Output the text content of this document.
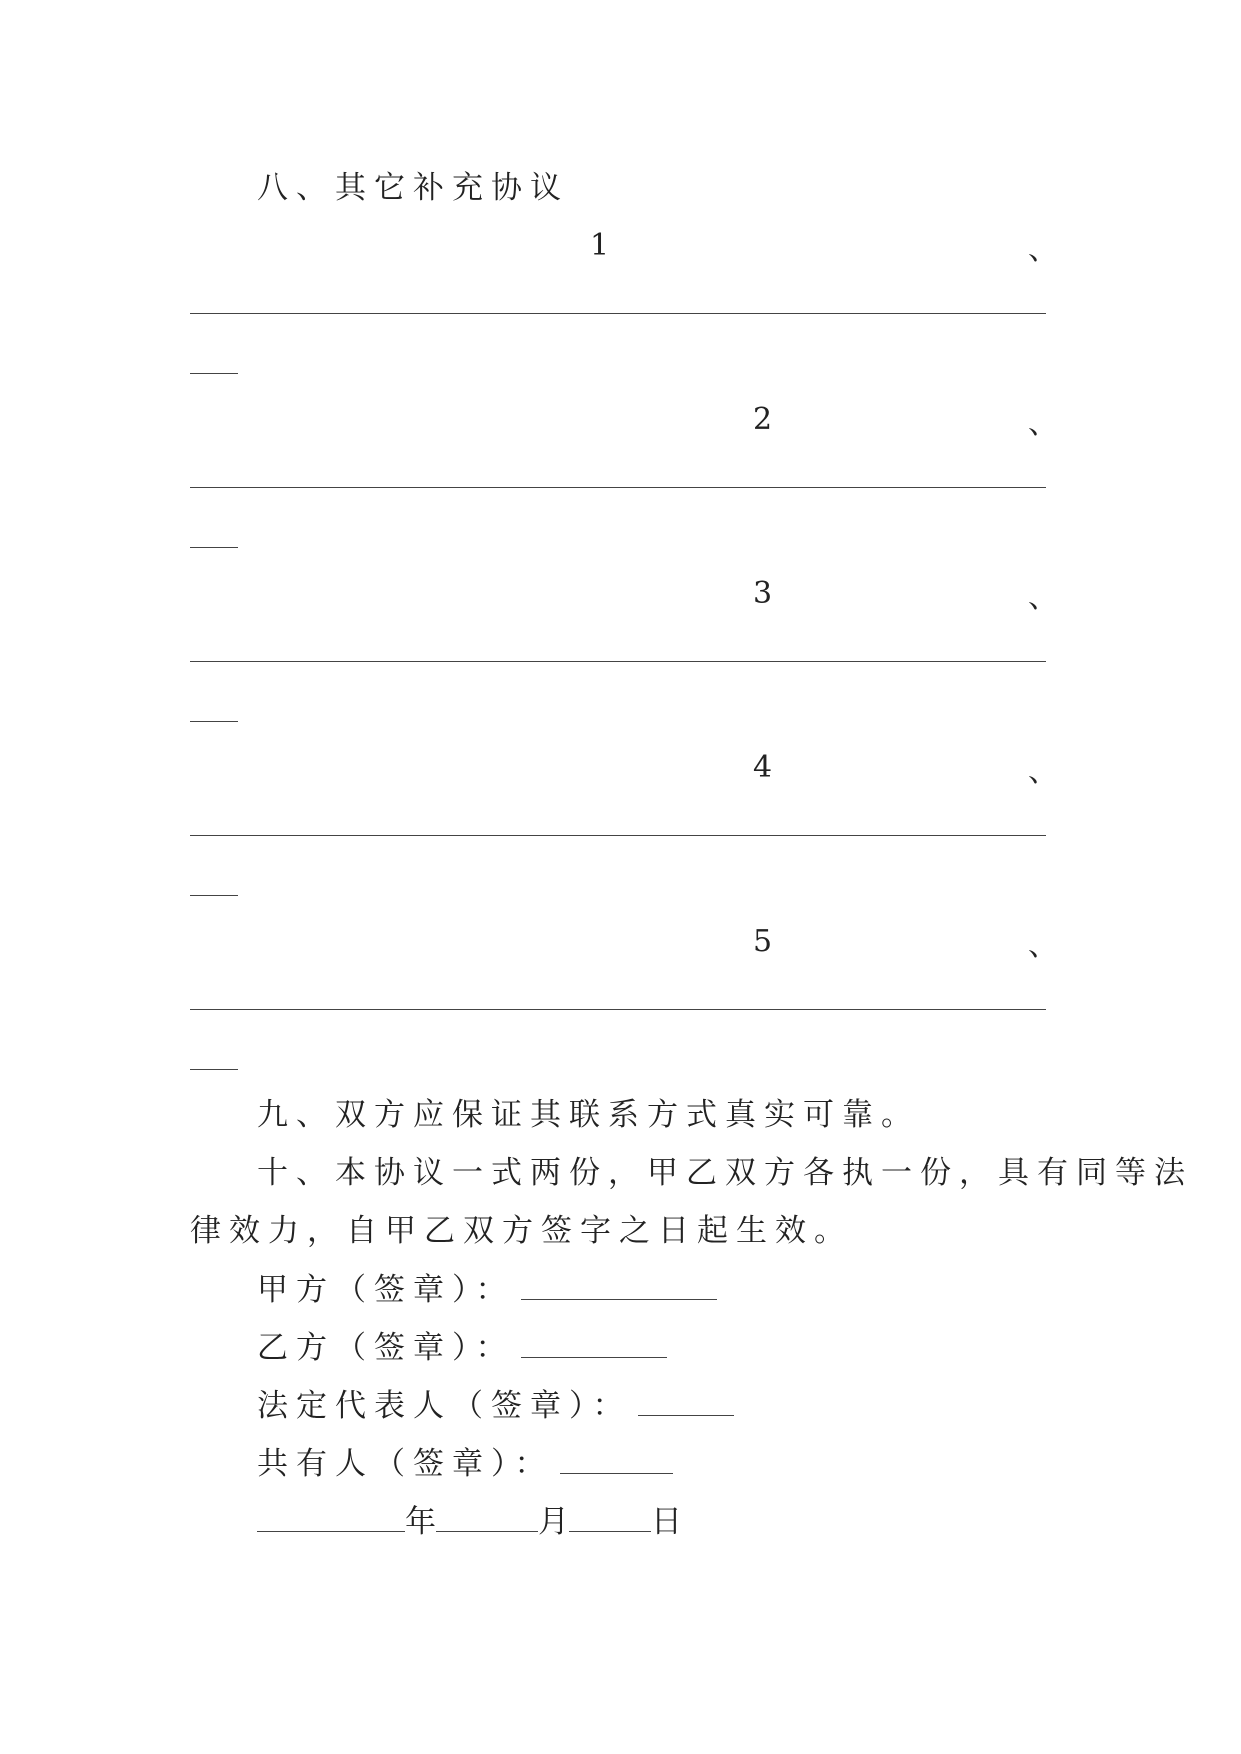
八、其它补充协议
1	、
2	、
3	、
4	、
5	、
九、双方应保证其联系方式真实可靠。
十、本协议一式两份，甲乙双方各执一份，具有同等法
律效力，自甲乙双方签字之日起生效。
甲方（签章）：
乙方（签章）：
法定代表人（签章）：
共有人（签章）：
年	月	日
